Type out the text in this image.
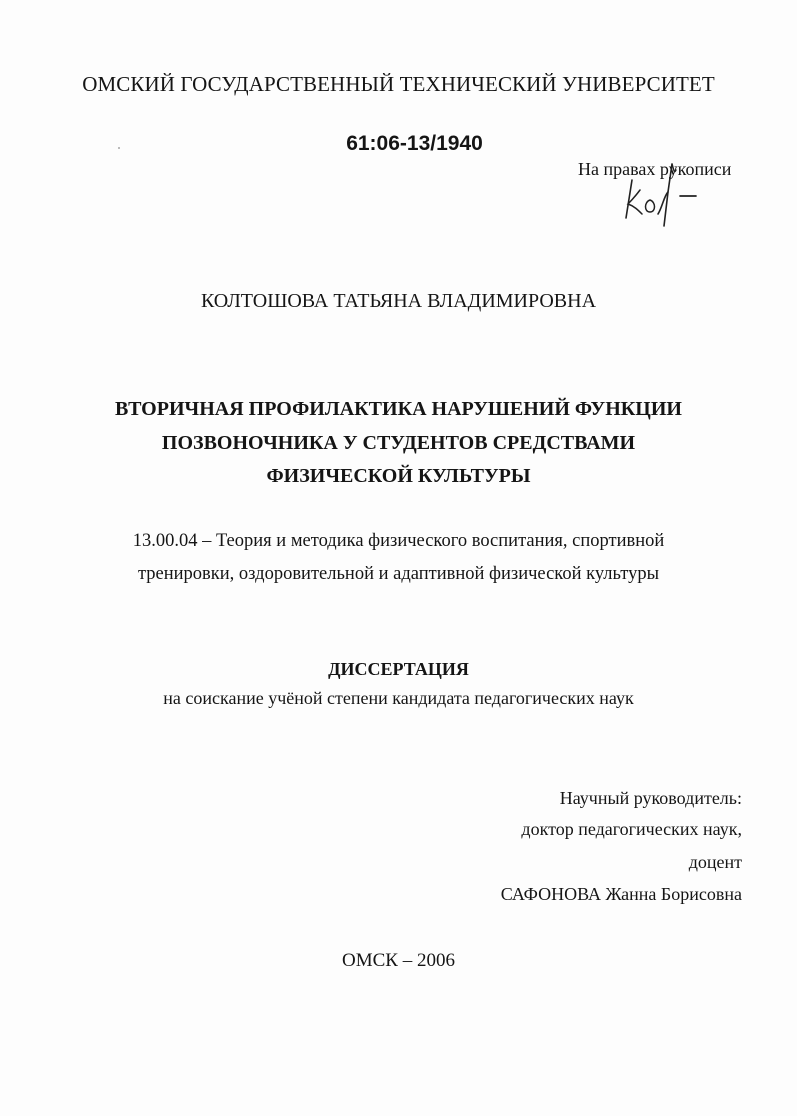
ОМСКИЙ ГОСУДАРСТВЕННЫЙ ТЕХНИЧЕСКИЙ УНИВЕРСИТЕТ
61:06-13/1940
На правах рукописи
КОЛТОШОВА ТАТЬЯНА ВЛАДИМИРОВНА
ВТОРИЧНАЯ ПРОФИЛАКТИКА НАРУШЕНИЙ ФУНКЦИИ
ПОЗВОНОЧНИКА У СТУДЕНТОВ СРЕДСТВАМИ
ФИЗИЧЕСКОЙ КУЛЬТУРЫ
13.00.04 – Теория и методика физического воспитания, спортивной
тренировки, оздоровительной и адаптивной физической культуры
ДИССЕРТАЦИЯ
на соискание учёной степени кандидата педагогических наук
Научный руководитель:
доктор педагогических наук,
доцент
САФОНОВА Жанна Борисовна
ОМСК – 2006
